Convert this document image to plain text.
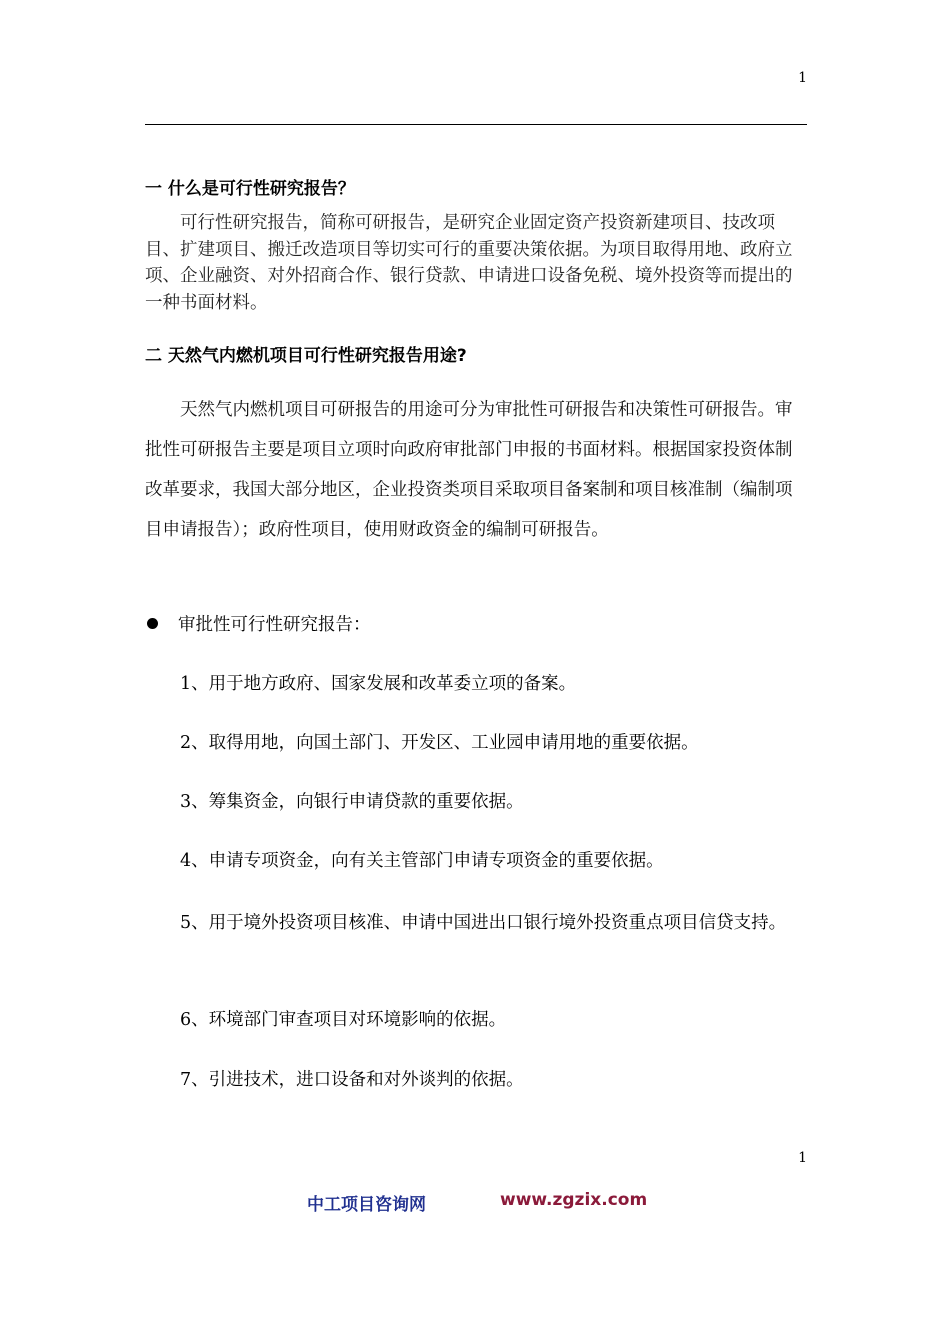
1
一 什么是可行性研究报告？

可行性研究报告，简称可研报告，是研究企业固定资产投资新建项目、技改项目、扩建项目、搬迁改造项目等切实可行的重要决策依据。为项目取得用地、政府立项、企业融资、对外招商合作、银行贷款、申请进口设备免税、境外投资等而提出的一种书面材料。

二 天然气内燃机项目可行性研究报告用途?

天然气内燃机项目可研报告的用途可分为审批性可研报告和决策性可研报告。审批性可研报告主要是项目立项时向政府审批部门申报的书面材料。根据国家投资体制改革要求，我国大部分地区，企业投资类项目采取项目备案制和项目核准制（编制项目申请报告）；政府性项目，使用财政资金的编制可研报告。

审批性可行性研究报告：

1、用于地方政府、国家发展和改革委立项的备案。

2、取得用地，向国土部门、开发区、工业园申请用地的重要依据。

3、筹集资金，向银行申请贷款的重要依据。

4、申请专项资金，向有关主管部门申请专项资金的重要依据。

5、用于境外投资项目核准、申请中国进出口银行境外投资重点项目信贷支持。

6、环境部门审查项目对环境影响的依据。

7、引进技术，进口设备和对外谈判的依据。

1
中工项目咨询网	www.zgzix.com
